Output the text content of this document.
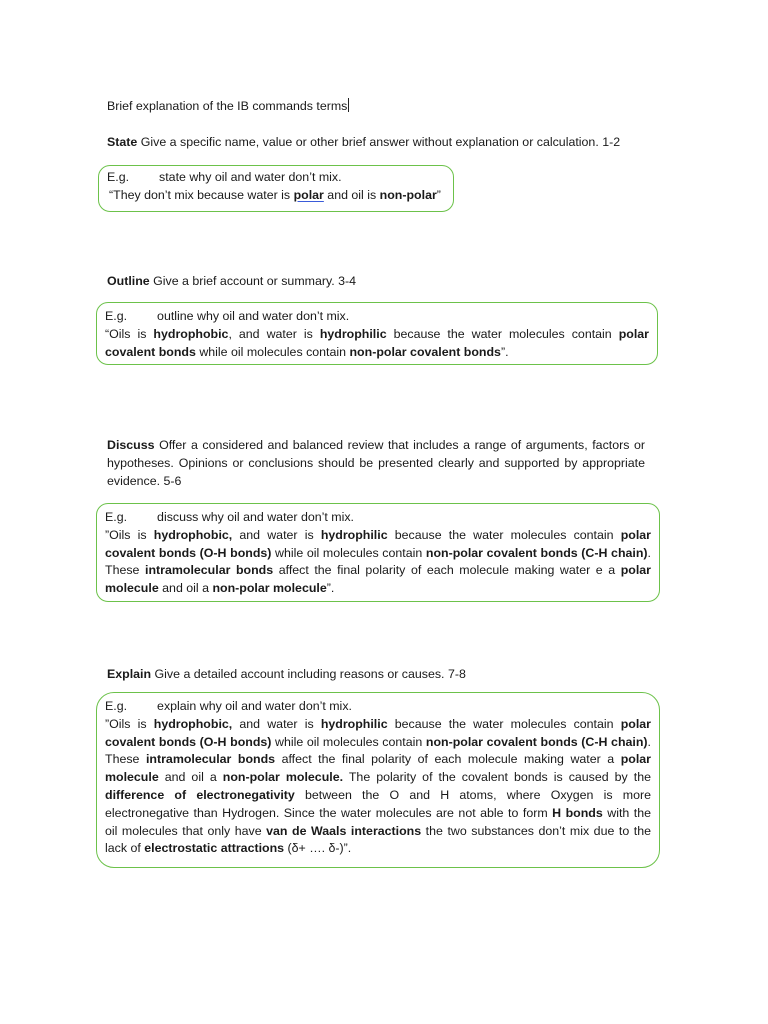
Brief explanation of the IB commands terms
State Give a specific name, value or other brief answer without explanation or calculation. 1-2

E.g. state why oil and water don’t mix.

“They don’t mix because water is polar and oil is non-polar”

Outline Give a brief account or summary. 3-4

E.g. outline why oil and water don’t mix.

“Oils is hydrophobic, and water is hydrophilic because the water molecules contain polar covalent bonds while oil molecules contain non-polar covalent bonds”.

Discuss Offer a considered and balanced review that includes a range of arguments, factors or hypotheses. Opinions or conclusions should be presented clearly and supported by appropriate evidence. 5-6

E.g. discuss why oil and water don’t mix.

”Oils is hydrophobic, and water is hydrophilic because the water molecules contain polar covalent bonds (O-H bonds) while oil molecules contain non-polar covalent bonds (C-H chain). These intramolecular bonds affect the final polarity of each molecule making water e a polar molecule and oil a non-polar molecule”.

Explain Give a detailed account including reasons or causes. 7-8

E.g. explain why oil and water don’t mix.

”Oils is hydrophobic, and water is hydrophilic because the water molecules contain polar covalent bonds (O-H bonds) while oil molecules contain non-polar covalent bonds (C-H chain). These intramolecular bonds affect the final polarity of each molecule making water a polar molecule and oil a non-polar molecule. The polarity of the covalent bonds is caused by the difference of electronegativity between the O and H atoms, where Oxygen is more electronegative than Hydrogen. Since the water molecules are not able to form H bonds with the oil molecules that only have van de Waals interactions the two substances don’t mix due to the lack of electrostatic attractions (δ+ …. δ-)”.
